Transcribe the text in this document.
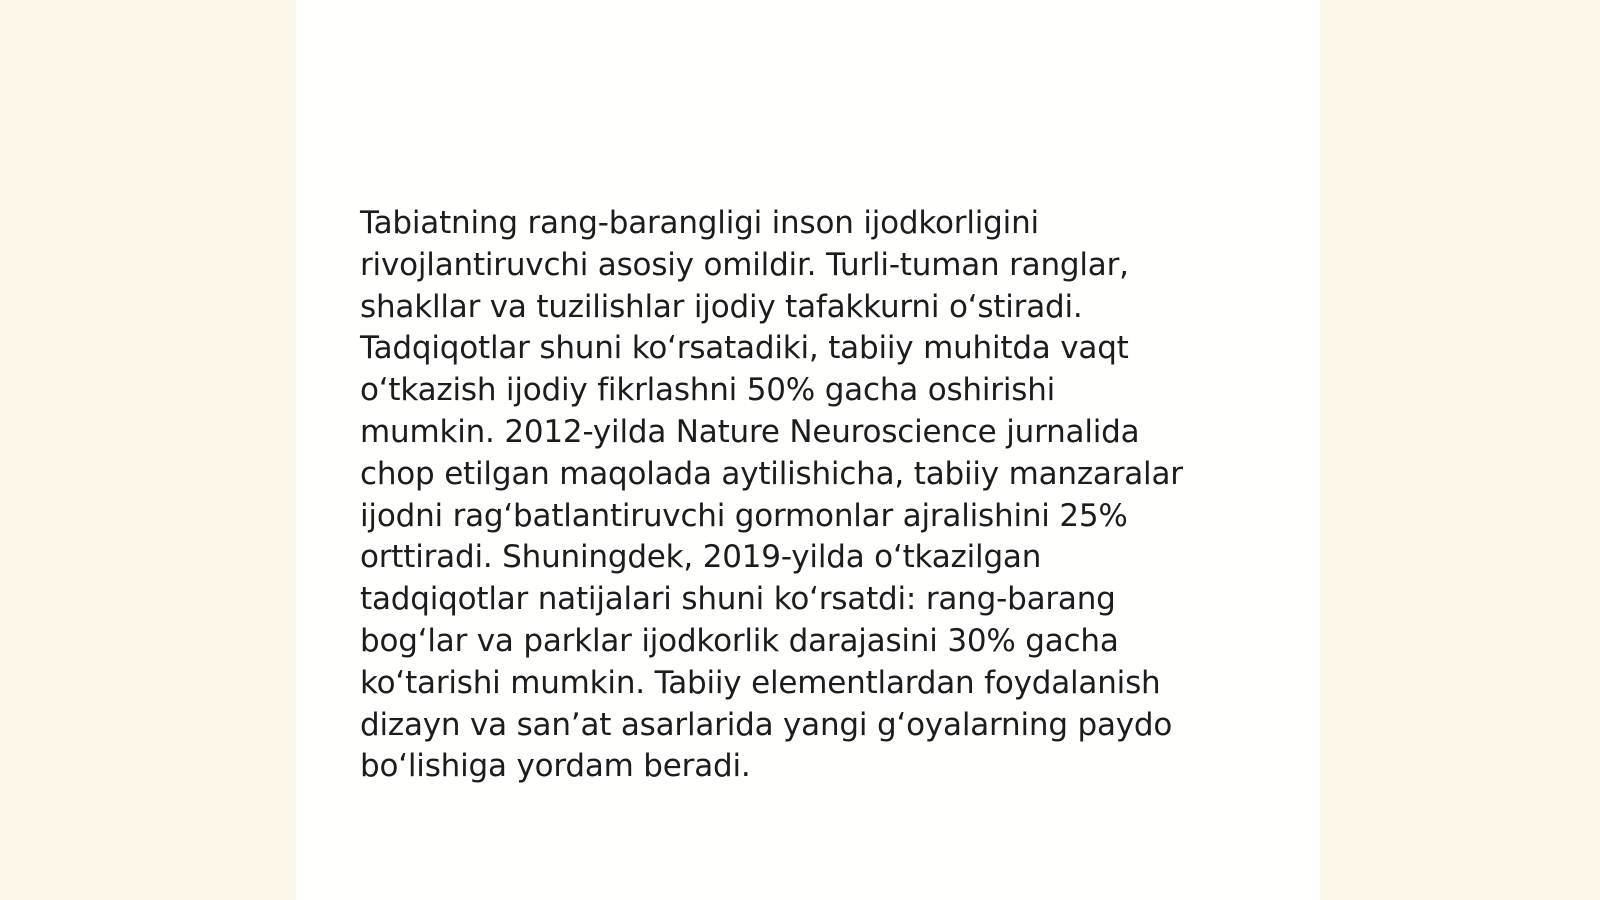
Tabiatning rang-barangligi inson ijodkorligini
rivojlantiruvchi asosiy omildir. Turli-tuman ranglar,
shakllar va tuzilishlar ijodiy tafakkurni oʻstiradi.
Tadqiqotlar shuni koʻrsatadiki, tabiiy muhitda vaqt
oʻtkazish ijodiy fikrlashni 50% gacha oshirishi
mumkin. 2012-yilda Nature Neuroscience jurnalida
chop etilgan maqolada aytilishicha, tabiiy manzaralar
ijodni ragʻbatlantiruvchi gormonlar ajralishini 25%
orttiradi. Shuningdek, 2019-yilda oʻtkazilgan
tadqiqotlar natijalari shuni koʻrsatdi: rang-barang
bogʻlar va parklar ijodkorlik darajasini 30% gacha
koʻtarishi mumkin. Tabiiy elementlardan foydalanish
dizayn va sanʼat asarlarida yangi gʻoyalarning paydo
boʻlishiga yordam beradi.
